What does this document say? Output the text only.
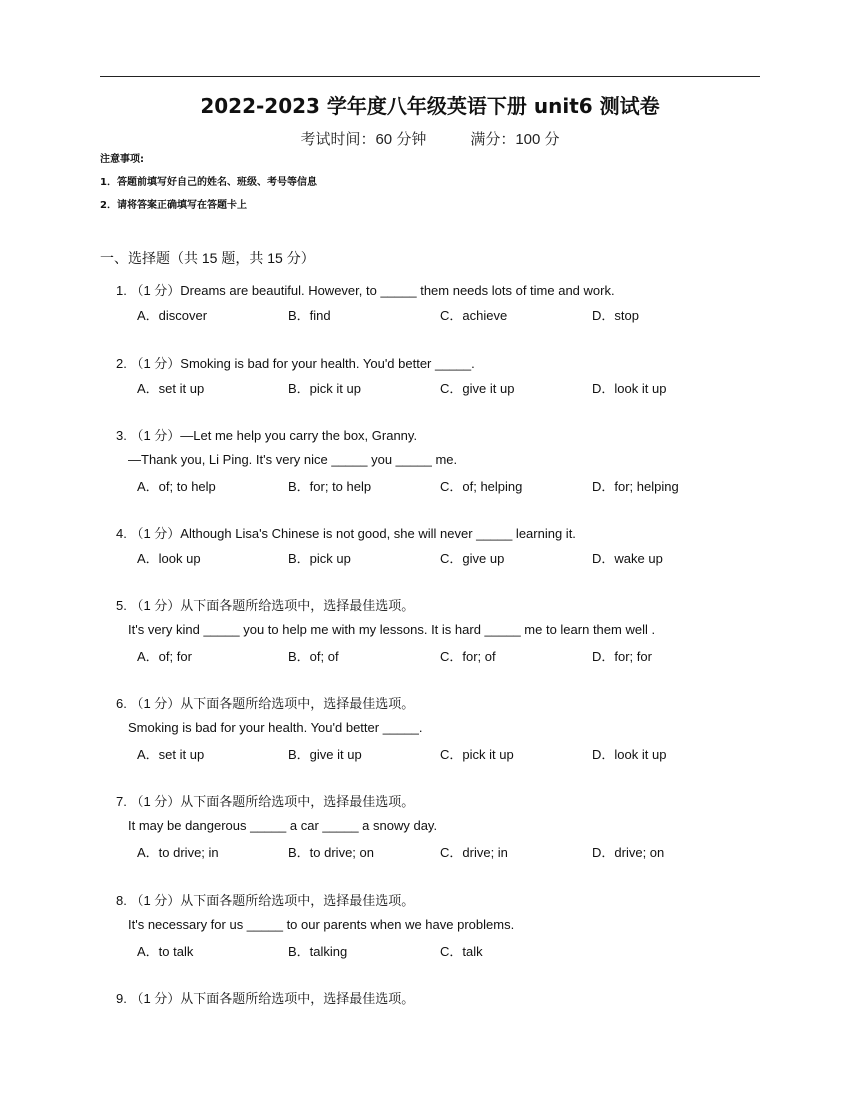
2022-2023 学年度八年级英语下册 unit6 测试卷
考试时间：60 分钟	满分：100 分
注意事项:
1．答题前填写好自己的姓名、班级、考号等信息
2．请将答案正确填写在答题卡上
一、选择题（共 15 题，共 15 分）
1. （1 分）Dreams are beautiful. However, to _____ them needs lots of time and work.
A．discover	B．find	C．achieve	D．stop
2. （1 分）Smoking is bad for your health. You'd better _____.
A．set it up	B．pick it up	C．give it up	D．look it up
3. （1 分）—Let me help you carry the box, Granny.
—Thank you, Li Ping. It's very nice _____ you _____ me.
A．of; to help	B．for; to help	C．of; helping	D．for; helping
4. （1 分）Although Lisa's Chinese is not good, she will never _____ learning it.
A．look up	B．pick up	C．give up	D．wake up
5. （1 分）从下面各题所给选项中，选择最佳选项。
It's very kind _____ you to help me with my lessons. It is hard _____ me to learn them well .
A．of; for	B．of; of	C．for; of	D．for; for
6. （1 分）从下面各题所给选项中，选择最佳选项。
Smoking is bad for your health. You'd better _____.
A．set it up	B．give it up	C．pick it up	D．look it up
7. （1 分）从下面各题所给选项中，选择最佳选项。
It may be dangerous _____ a car _____ a snowy day.
A．to drive; in	B．to drive; on	C．drive; in	D．drive; on
8. （1 分）从下面各题所给选项中，选择最佳选项。
It's necessary for us _____ to our parents when we have problems.
A．to talk	B．talking	C．talk
9. （1 分）从下面各题所给选项中，选择最佳选项。
